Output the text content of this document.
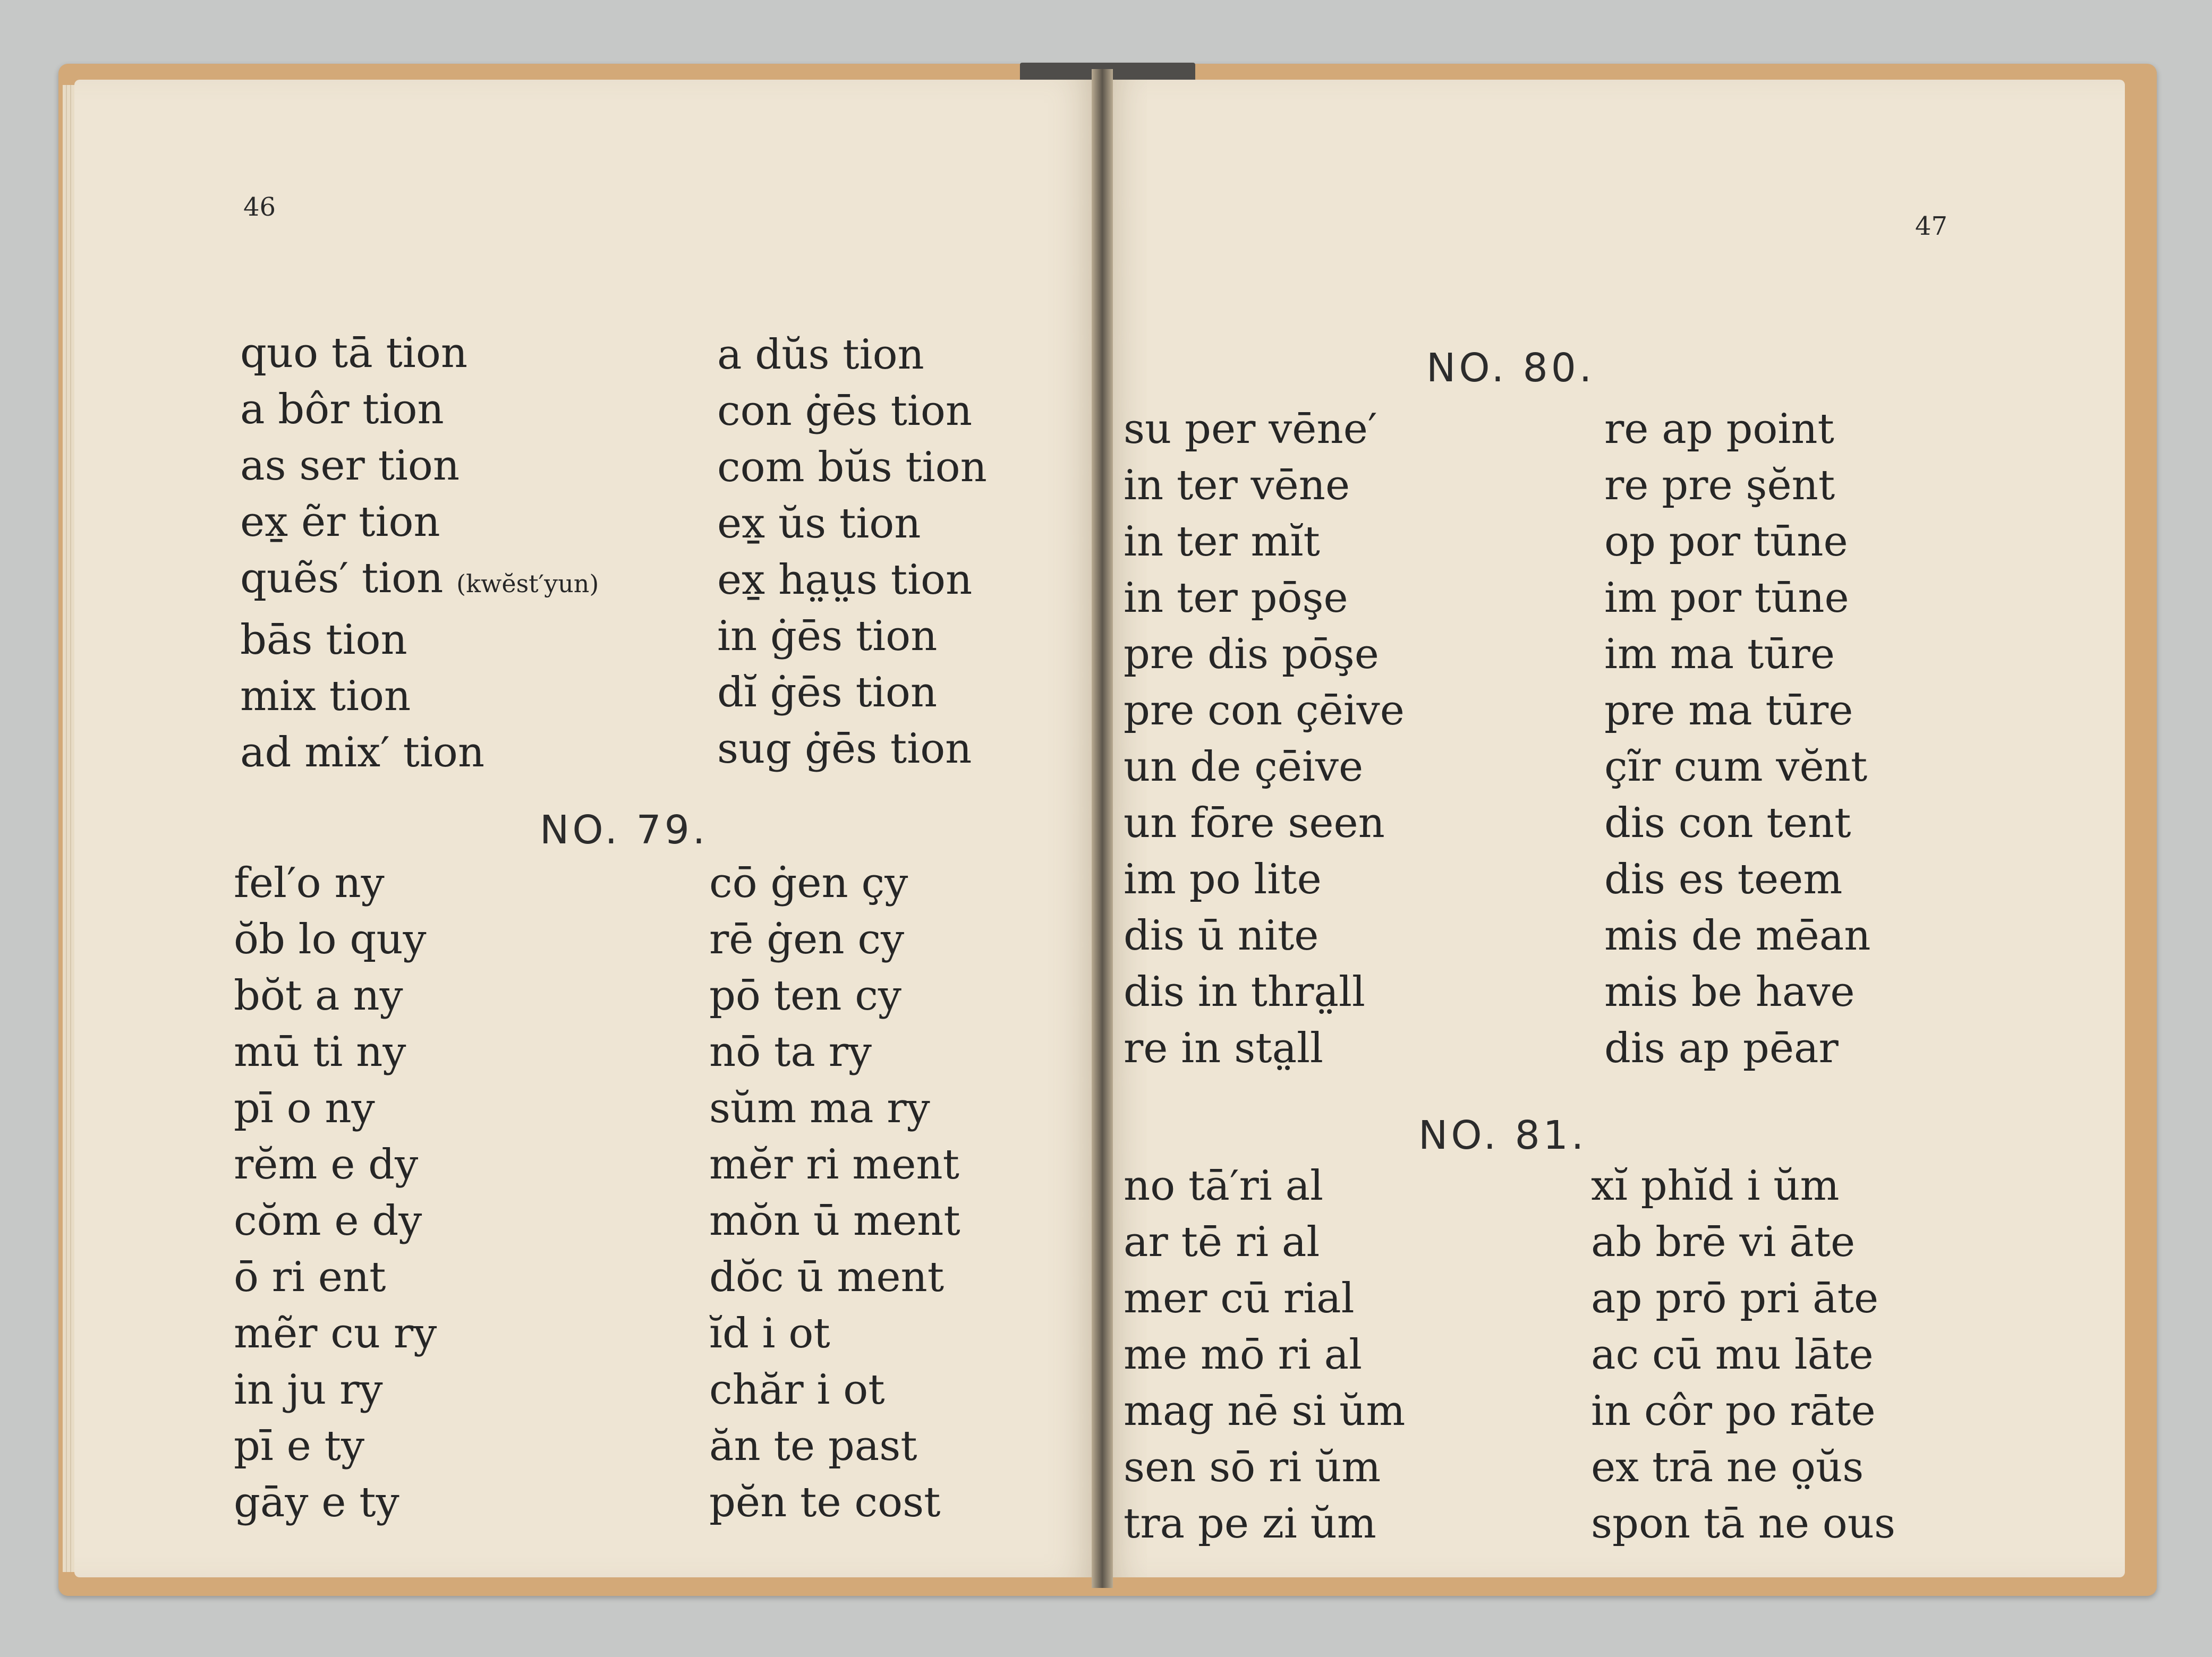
46
quo tā tion
a bôr tion
as ser tion
ex̱ ẽr tion
quẽs′ tion (kwĕst′yun)
bās tion
mix tion
ad mix′ tion
a dŭs tion
con ġēs tion
com bŭs tion
ex̱ ŭs tion
ex̱ ha̤ṳs tion
in ġēs tion
dĭ ġēs tion
sug ġēs tion
NO. 79.
fel′o ny
ŏb lo quy
bŏt a ny
mū ti ny
pī o ny
rĕm e dy
cŏm e dy
ō ri ent
mẽr cu ry
in ju ry
pī e ty
gāy e ty
cō ġen çy
rē ġen cy
pō ten cy
nō ta ry
sŭm ma ry
mĕr ri ment
mŏn ū ment
dŏc ū ment
ĭd i ot
chăr i ot
ăn te past
pĕn te cost
47
NO. 80.
su per vēne′
in ter vēne
in ter mĭt
in ter pōşe
pre dis pōşe
pre con çēive
un de çēive
un fōre seen
im po lite
dis ū nite
dis in thra̤ll
re in sta̤ll
re ap point
re pre şĕnt
op por tūne
im por tūne
im ma tūre
pre ma tūre
çĩr cum vĕnt
dis con tent
dis es teem
mis de mēan
mis be have
dis ap pēar
NO. 81.
no tā′ri al
ar tē ri al
mer cū rial
me mō ri al
mag nē si ŭm
sen sō ri ŭm
tra pe zi ŭm
xĭ phĭd i ŭm
ab brē vi āte
ap prō pri āte
ac cū mu lāte
in côr po rāte
ex trā ne o̤ŭs
spon tā ne ous
